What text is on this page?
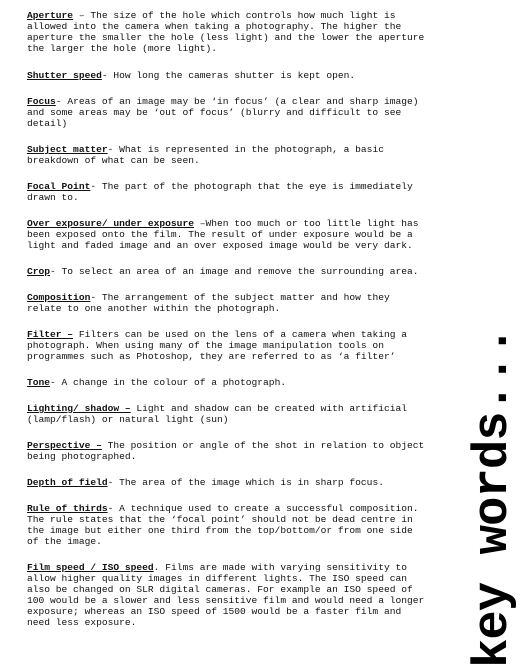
Aperture – The size of the hole which controls how much light is allowed into the camera when taking a photography. The higher the aperture the smaller the hole (less light) and the lower the aperture the larger the hole (more light).

Shutter speed- How long the cameras shutter is kept open.

Focus- Areas of an image may be ‘in focus’ (a clear and sharp image) and some areas may be ‘out of focus’ (blurry and difficult to see detail)

Subject matter- What is represented in the photograph, a basic breakdown of what can be seen.

Focal Point- The part of the photograph that the eye is immediately drawn to.

Over exposure/ under exposure –When too much or too little light has been exposed onto the film. The result of under exposure would be a light and faded image and an over exposed image would be very dark.

Crop- To select an area of an image and remove the surrounding area.

Composition- The arrangement of the subject matter and how they relate to one another within the photograph.

Filter – Filters can be used on the lens of a camera when taking a photograph. When using many of the image manipulation tools on programmes such as Photoshop, they are referred to as ‘a filter’

Tone- A change in the colour of a photograph.

Lighting/ shadow – Light and shadow can be created with artificial (lamp/flash) or natural light (sun)

Perspective – The position or angle of the shot in relation to object being photographed.

Depth of field- The area of the image which is in sharp focus.

Rule of thirds- A technique used to create a successful composition. The rule states that the ‘focal point’ should not be dead centre in the image but either one third from the top/bottom/or from one side of the image.

Film speed / ISO speed. Films are made with varying sensitivity to allow higher quality images in different lights. The ISO speed can also be changed on SLR digital cameras. For example an ISO speed of 100 would be a slower and less sensitive film and would need a longer exposure; whereas an ISO speed of 1500 would be a faster film and need less exposure.	key words...
